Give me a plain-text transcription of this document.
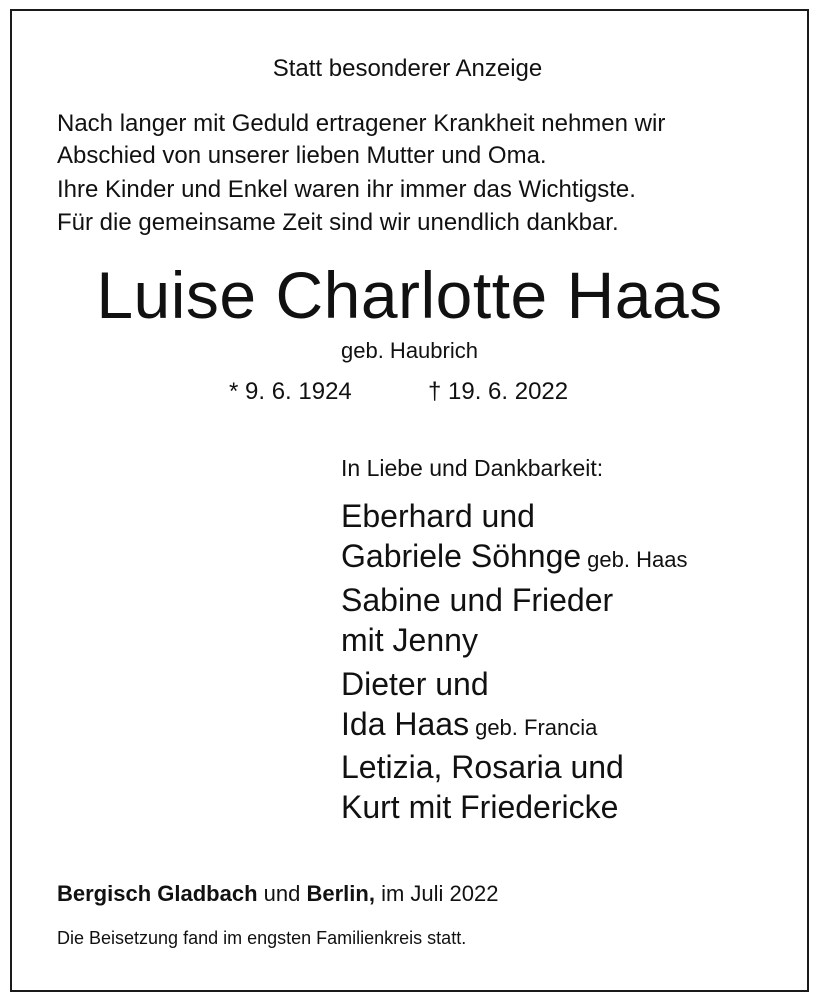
Statt besonderer Anzeige
Nach langer mit Geduld ertragener Krankheit nehmen wir
Abschied von unserer lieben Mutter und Oma.
Ihre Kinder und Enkel waren ihr immer das Wichtigste.
Für die gemeinsame Zeit sind wir unendlich dankbar.
Luise Charlotte Haas
geb. Haubrich
* 9. 6. 1924	† 19. 6. 2022
In Liebe und Dankbarkeit:
Eberhard und
Gabriele Söhnge geb. Haas
Sabine und Frieder
mit Jenny
Dieter und
Ida Haas geb. Francia
Letizia, Rosaria und
Kurt mit Friedericke
Bergisch Gladbach und Berlin, im Juli 2022
Die Beisetzung fand im engsten Familienkreis statt.
